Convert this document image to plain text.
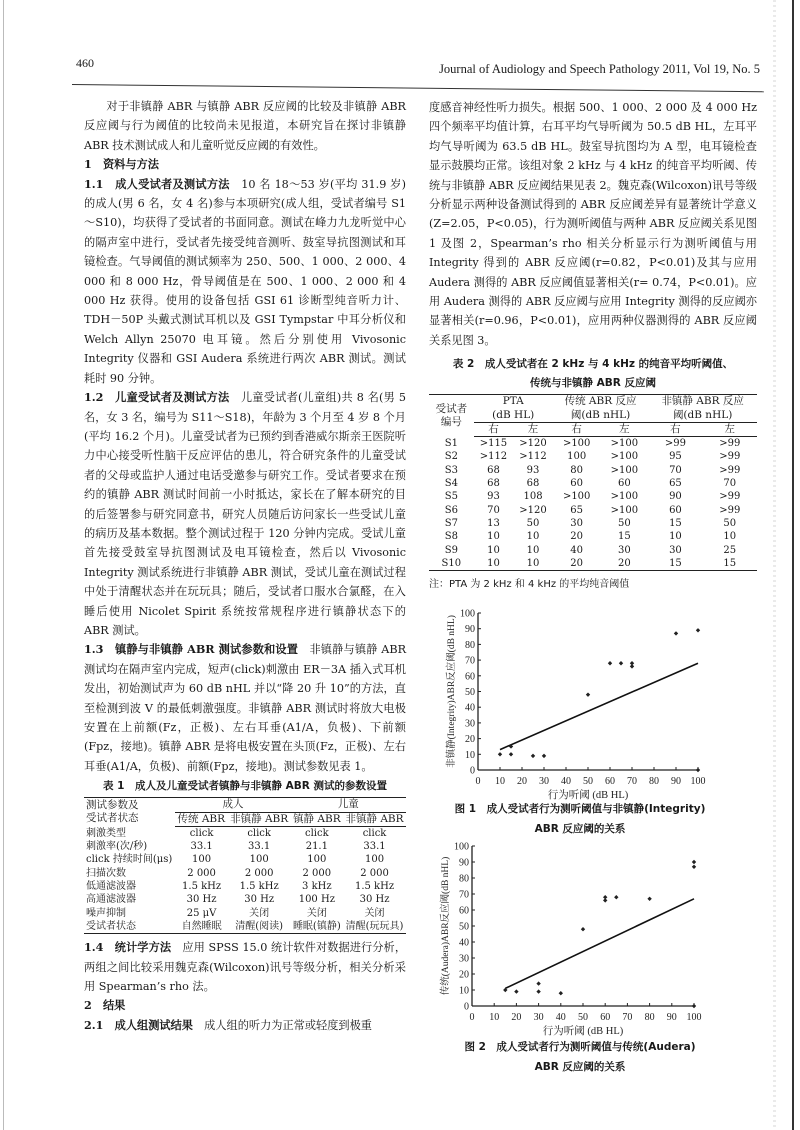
460	Journal of Audiology and Speech Pathology 2011, Vol 19, No. 5

对于非镇静 ABR 与镇静 ABR 反应阈的比较及非镇静 ABR 反应阈与行为阈值的比较尚未见报道，本研究旨在探讨非镇静 ABR 技术测试成人和儿童听觉反应阈的有效性。

1　资料与方法

1.1　成人受试者及测试方法　10 名 18～53 岁(平均 31.9 岁)的成人(男 6 名，女 4 名)参与本项研究(成人组，受试者编号 S1～S10)，均获得了受试者的书面同意。测试在峰力九龙听觉中心的隔声室中进行，受试者先接受纯音测听、鼓室导抗图测试和耳镜检查。气导阈值的测试频率为 250、500、1 000、2 000、4 000 和 8 000 Hz，骨导阈值是在 500、1 000、2 000 和 4 000 Hz 获得。使用的设备包括 GSI 61 诊断型纯音听力计、TDH－50P 头戴式测试耳机以及 GSI Tympstar 中耳分析仪和 Welch Allyn 25070 电耳镜。然后分别使用 Vivosonic Integrity 仪器和 GSI Audera 系统进行两次 ABR 测试。测试耗时 90 分钟。

1.2　儿童受试者及测试方法　儿童受试者(儿童组)共 8 名(男 5 名，女 3 名，编号为 S11～S18)，年龄为 3 个月至 4 岁 8 个月(平均 16.2 个月)。儿童受试者为已预约到香港威尔斯亲王医院听力中心接受听性脑干反应评估的患儿，符合研究条件的儿童受试者的父母或监护人通过电话受邀参与研究工作。受试者要求在预约的镇静 ABR 测试时间前一小时抵达，家长在了解本研究的目的后签署参与研究同意书，研究人员随后访问家长一些受试儿童的病历及基本数据。整个测试过程于 120 分钟内完成。受试儿童首先接受鼓室导抗图测试及电耳镜检查，然后以 Vivosonic Integrity 测试系统进行非镇静 ABR 测试，受试儿童在测试过程中处于清醒状态并在玩玩具；随后，受试者口服水合氯醛，在入睡后使用 Nicolet Spirit 系统按常规程序进行镇静状态下的 ABR 测试。

1.3　镇静与非镇静 ABR 测试参数和设置　非镇静与镇静 ABR 测试均在隔声室内完成，短声(click)刺激由 ER－3A 插入式耳机发出，初始测试声为 60 dB nHL 并以“降 20 升 10”的方法，直至检测到波 V 的最低刺激强度。非镇静 ABR 测试时将放大电极安置在上前额(Fz，正极)、左右耳垂(A1/A，负极)、下前额(Fpz，接地)。镇静 ABR 是将电极安置在头顶(Fz，正极)、左右耳垂(A1/A，负极)、前额(Fpz，接地)。测试参数见表 1。

表 1　成人及儿童受试者镇静与非镇静 ABR 测试的参数设置
测试参数及
受试者状态	成人		儿童	
	传统 ABR	非镇静 ABR	镇静 ABR	非镇静 ABR
刺激类型	click	click	click	click
刺激率(次/秒)	33.1	33.1	21.1	33.1
click 持续时间(μs)	100	100	100	100
扫描次数	2 000	2 000	2 000	2 000
低通滤波器	1.5 kHz	1.5 kHz	3 kHz	1.5 kHz
高通滤波器	30 Hz	30 Hz	100 Hz	30 Hz
噪声抑制	25 μV	关闭	关闭	关闭
受试者状态	自然睡眠	清醒(阅读)	睡眠(镇静)	清醒(玩玩具)

1.4　统计学方法　应用 SPSS 15.0 统计软件对数据进行分析，两组之间比较采用魏克森(Wilcoxon)讯号等级分析，相关分析采用 Spearman’s rho 法。

2　结果

2.1　成人组测试结果　成人组的听力为正常或轻度到极重

度感音神经性听力损失。根据 500、1 000、2 000 及 4 000 Hz 四个频率平均值计算，右耳平均气导听阈为 50.5 dB HL，左耳平均气导听阈为 63.5 dB HL。鼓室导抗图均为 A 型，电耳镜检查显示鼓膜均正常。该组对象 2 kHz 与 4 kHz 的纯音平均听阈、传统与非镇静 ABR 反应阈结果见表 2。魏克森(Wilcoxon)讯号等级分析显示两种设备测试得到的 ABR 反应阈差异有显著统计学意义(Z=2.05，P<0.05)，行为测听阈值与两种 ABR 反应阈关系见图 1 及图 2，Spearman’s rho 相关分析显示行为测听阈值与用 Integrity 得到的 ABR 反应阈(r=0.82，P<0.01)及其与应用 Audera 测得的 ABR 反应阈值显著相关(r= 0.74，P<0.01)。应用 Audera 测得的 ABR 反应阈与应用 Integrity 测得的反应阈亦显著相关(r=0.96，P<0.01)，应用两种仪器测得的 ABR 反应阈关系见图 3。

表 2　成人受试者在 2 kHz 与 4 kHz 的纯音平均听阈值、
传统与非镇静 ABR 反应阈
受试者
编号	PTA		传统 ABR 反应		非镇静 ABR 反应	
	(dB HL)		阈(dB nHL)		阈(dB nHL)	
	右	左	右	左	右	左
S1	>115	>120	>100	>100	>99	>99
S2	>112	>112	100	>100	95	>99
S3	68	93	80	>100	70	>99
S4	68	68	60	60	65	70
S5	93	108	>100	>100	90	>99
S6	70	>120	65	>100	60	>99
S7	13	50	30	50	15	50
S8	10	10	20	15	10	10
S9	10	10	40	30	30	25
S10	10	10	20	20	15	15
注：PTA 为 2 kHz 和 4 kHz 的平均纯音阈值
0
10
20
30
40
50
60
70
80
90
100
0 10 20 30 40 50 60 70 80 90 100
行为听阈 (dB HL)
非镇静(Integrity)ABR反应阈(dB nHL)
图 1　成人受试者行为测听阈值与非镇静(Integrity)
ABR 反应阈的关系
0
10
20
30
40
50
60
70
80
90
100
0 10 20 30 40 50 60 70 80 90 100
行为听阈 (dB HL)
传统(Audera)ABR反应阈(dB nHL)
图 2　成人受试者行为测听阈值与传统(Audera)
ABR 反应阈的关系
